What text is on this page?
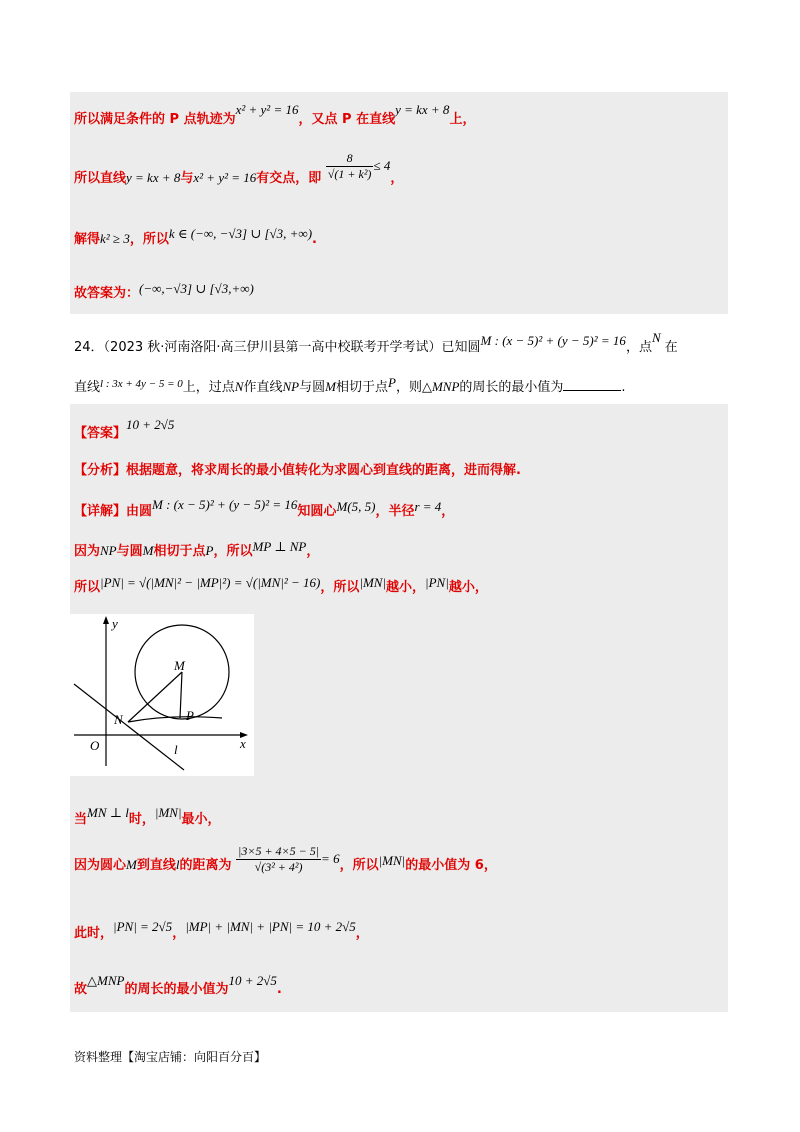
所以满足条件的 P 点轨迹为x² + y² = 16，又点 P 在直线y = kx + 8上，
所以直线y = kx + 8与x² + y² = 16有交点，即 $\frac{8}{\text{√(1 + k²)}} \le 4$，
解得k² ≥ 3，所以k ∈ (−∞, −√3] ∪ [√3, +∞).
故答案为：(−∞,−√3] ∪ [√3,+∞)
24．（2023 秋·河南洛阳·高三伊川县第一高中校联考开学考试）已知圆M : (x − 5)² + (y − 5)² = 16，点N在
直线$^{l : 3x + 4y - 5 = 0}$上，过点N作直线NP与圆M相切于点P，则△MNP的周长的最小值为	.
【答案】10 + 2√5
【分析】根据题意，将求周长的最小值转化为求圆心到直线的距离，进而得解.
【详解】由圆M : (x − 5)² + (y − 5)² = 16知圆心M(5, 5)，半径r = 4，
因为NP与圆M相切于点P，所以MP ⊥ NP，
所以|PN| = √(|MN|² − |MP|²) = √(|MN|² − 16)，所以|MN|越小，|PN|越小，
y
x
O
M
N	P
l
当MN ⊥ l时，|MN|最小，
因为圆心M到直线l的距离为 $\frac{|3\times 5 + 4\times 5 - 5|}{\text{√(3² + 4²)}} = 6$，所以|MN|的最小值为 6，
此时，|PN| = 2√5，|MP| + |MN| + |PN| = 10 + 2√5，
故△MNP的周长的最小值为10 + 2√5.
资料整理【淘宝店铺：向阳百分百】
